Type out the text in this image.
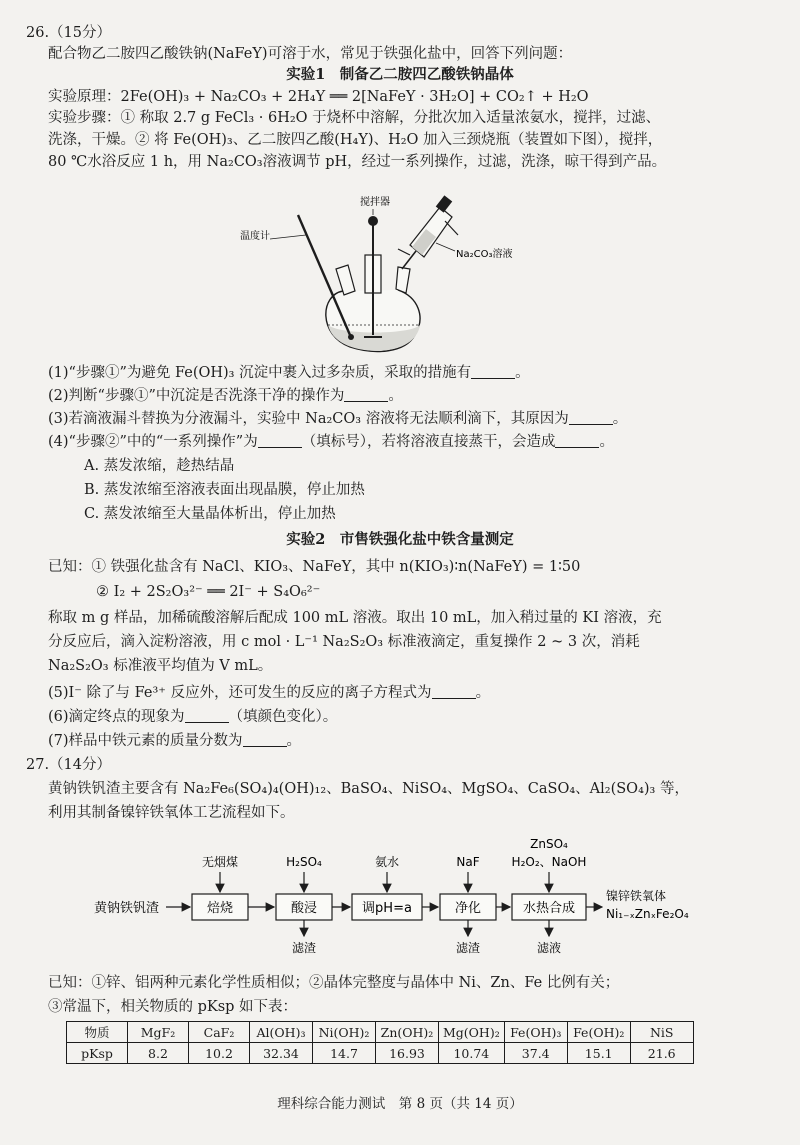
26.（15分）
配合物乙二胺四乙酸铁钠(NaFeY)可溶于水，常见于铁强化盐中，回答下列问题：
实验1　制备乙二胺四乙酸铁钠晶体
实验原理：2Fe(OH)₃ + Na₂CO₃ + 2H₄Y ══ 2[NaFeY · 3H₂O] + CO₂↑ + H₂O
实验步骤：① 称取 2.7 g FeCl₃ · 6H₂O 于烧杯中溶解，分批次加入适量浓氨水，搅拌，过滤、
洗涤，干燥。② 将 Fe(OH)₃、乙二胺四乙酸(H₄Y)、H₂O 加入三颈烧瓶（装置如下图），搅拌，
80 ℃水浴反应 1 h，用 Na₂CO₃溶液调节 pH，经过一系列操作，过滤，洗涤，晾干得到产品。
温度计
搅拌器
Na₂CO₃溶液
(1)“步骤①”为避免 Fe(OH)₃ 沉淀中裹入过多杂质，采取的措施有	。
(2)判断“步骤①”中沉淀是否洗涤干净的操作为	。
(3)若滴液漏斗替换为分液漏斗，实验中 Na₂CO₃ 溶液将无法顺利滴下，其原因为	。
(4)“步骤②”中的“一系列操作”为	（填标号），若将溶液直接蒸干，会造成	。
A. 蒸发浓缩，趁热结晶
B. 蒸发浓缩至溶液表面出现晶膜，停止加热
C. 蒸发浓缩至大量晶体析出，停止加热
实验2　市售铁强化盐中铁含量测定
已知：① 铁强化盐含有 NaCl、KIO₃、NaFeY，其中 n(KIO₃)∶n(NaFeY) = 1∶50
② I₂ + 2S₂O₃²⁻ ══ 2I⁻ + S₄O₆²⁻
称取 m g 样品，加稀硫酸溶解后配成 100 mL 溶液。取出 10 mL，加入稍过量的 KI 溶液，充
分反应后，滴入淀粉溶液，用 c mol · L⁻¹ Na₂S₂O₃ 标准液滴定，重复操作 2 ~ 3 次，消耗
Na₂S₂O₃ 标准液平均值为 V mL。
(5)I⁻ 除了与 Fe³⁺ 反应外，还可发生的反应的离子方程式为	。
(6)滴定终点的现象为	（填颜色变化）。
(7)样品中铁元素的质量分数为	。
27.（14分）
黄钠铁钒渣主要含有 Na₂Fe₆(SO₄)₄(OH)₁₂、BaSO₄、NiSO₄、MgSO₄、CaSO₄、Al₂(SO₄)₃ 等，
利用其制备镍锌铁氧体工艺流程如下。
黄钠铁钒渣	焙烧	酸浸	调pH=a	净化	水热合成
无烟煤	H₂SO₄	氨水	NaF	H₂O₂、NaOH
ZnSO₄
滤渣	滤渣	滤液
镍锌铁氧体
Ni₁₋ₓZnₓFe₂O₄
已知：①锌、铝两种元素化学性质相似；②晶体完整度与晶体中 Ni、Zn、Fe 比例有关；
③常温下，相关物质的 pKsp 如下表：
物质	MgF₂	CaF₂	Al(OH)₃	Ni(OH)₂	Zn(OH)₂	Mg(OH)₂	Fe(OH)₃	Fe(OH)₂	NiS
pKsp	8.2	10.2	32.34	14.7	16.93	10.74	37.4	15.1	21.6
理科综合能力测试　第 8 页（共 14 页）
